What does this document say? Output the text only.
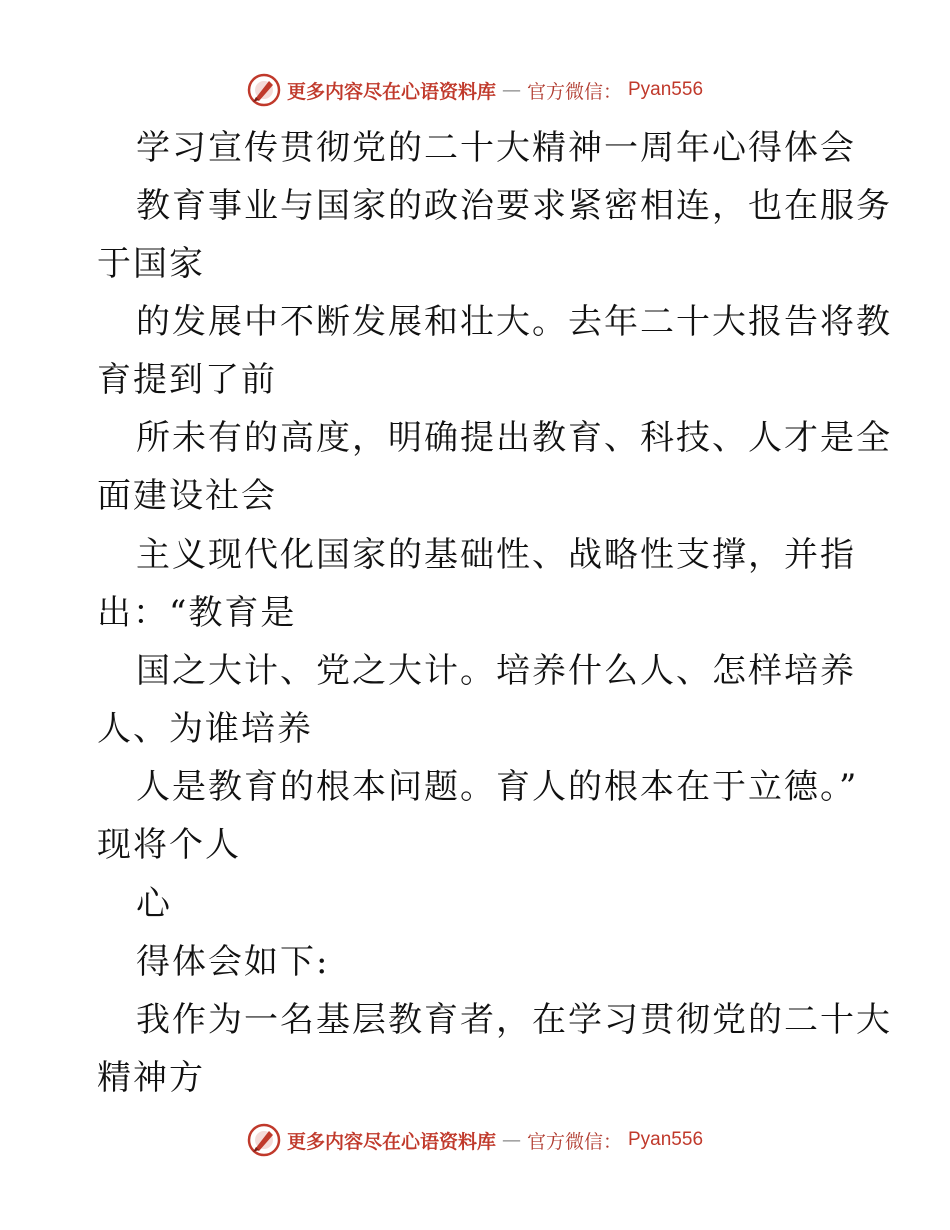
更多内容尽在心语资料库 — 官方微信： Pyan556
学习宣传贯彻党的二十大精神一周年心得体会
教育事业与国家的政治要求紧密相连，也在服务
于国家
的发展中不断发展和壮大。去年二十大报告将教
育提到了前
所未有的高度，明确提出教育、科技、人才是全
面建设社会
主义现代化国家的基础性、战略性支撑，并指
出：“教育是
国之大计、党之大计。培养什么人、怎样培养
人、为谁培养
人是教育的根本问题。育人的根本在于立德。”
现将个人
心
得体会如下:
我作为一名基层教育者，在学习贯彻党的二十大
精神方
更多内容尽在心语资料库 — 官方微信： Pyan556
